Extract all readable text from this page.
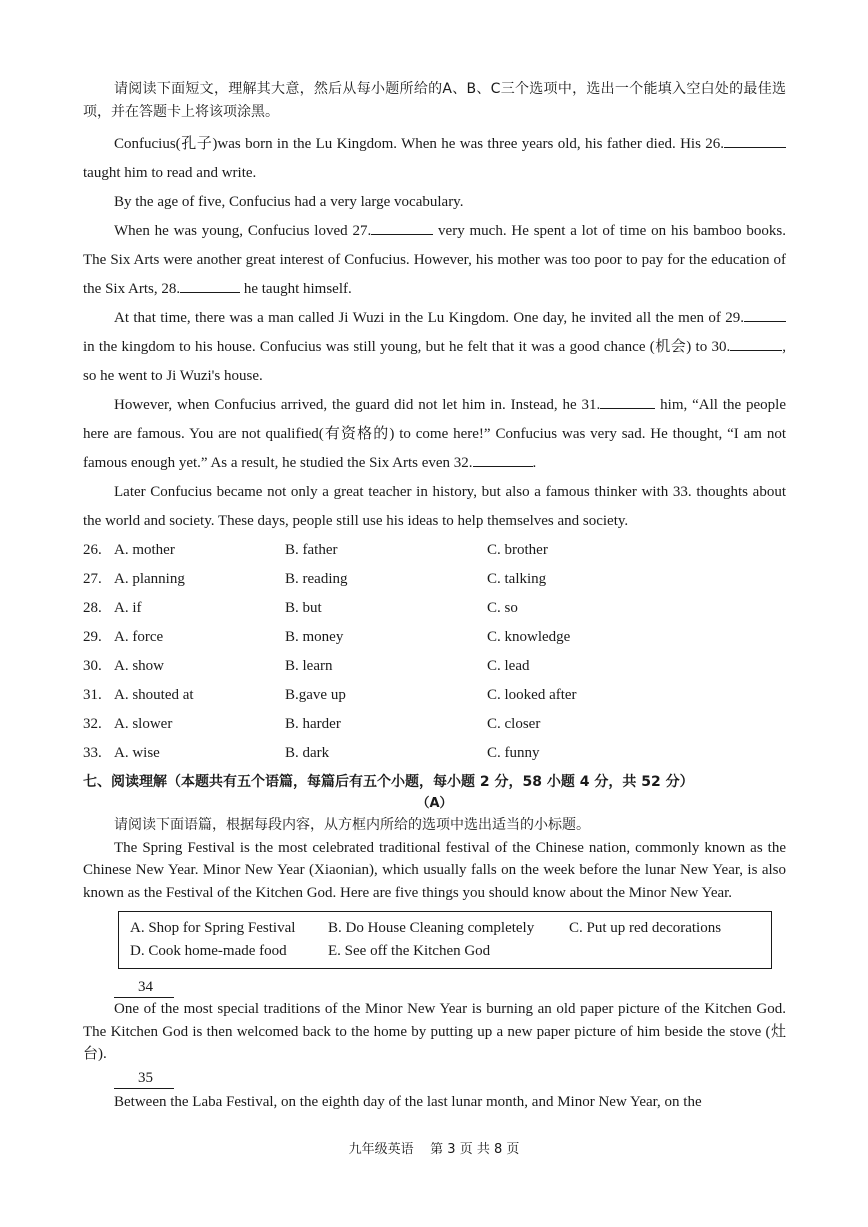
请阅读下面短文，理解其大意，然后从每小题所给的A、B、C三个选项中，选出一个能填入空白处的最佳选项，并在答题卡上将该项涂黑。

Confucius(孔子)was born in the Lu Kingdom. When he was three years old, his father died. His 26. taught him to read and write.

By the age of five, Confucius had a very large vocabulary.

When he was young, Confucius loved 27.	very much. He spent a lot of time on his bamboo books. The Six Arts were another great interest of Confucius. However, his mother was too poor to pay for the education of the Six Arts, 28.	he taught himself.

At that time, there was a man called Ji Wuzi in the Lu Kingdom. One day, he invited all the men of 29. in the kingdom to his house. Confucius was still young, but he felt that it was a good chance (机会) to 30.	, so he went to Ji Wuzi's house.

However, when Confucius arrived, the guard did not let him in. Instead, he 31.	him, “All the people here are famous. You are not qualified(有资格的) to come here!” Confucius was very sad. He thought, “I am not famous enough yet.” As a result, he studied the Six Arts even 32.	.

Later Confucius became not only a great teacher in history, but also a famous thinker with 33. thoughts about the world and society. These days, people still use his ideas to help themselves and society.

26. A. mother	B. father	C. brother
27. A. planning	B. reading	C. talking
28. A. if	B. but	C. so
29. A. force	B. money	C. knowledge
30. A. show	B. learn	C. lead
31. A. shouted at	B.gave up	C. looked after
32. A. slower	B. harder	C. closer
33. A. wise	B. dark	C. funny
七、阅读理解（本题共有五个语篇，每篇后有五个小题，每小题 2 分，58 小题 4 分，共 52 分）
（A）

请阅读下面语篇，根据每段内容，从方框内所给的选项中选出适当的小标题。

The Spring Festival is the most celebrated traditional festival of the Chinese nation, commonly known as the Chinese New Year. Minor New Year (Xiaonian), which usually falls on the week before the lunar New Year, is also known as the Festival of the Kitchen God. Here are five things you should know about the Minor New Year.

A. Shop for Spring Festival B. Do House Cleaning completely C. Put up red decorations
D. Cook home-made food	E. See off the Kitchen God
34

One of the most special traditions of the Minor New Year is burning an old paper picture of the Kitchen God. The Kitchen God is then welcomed back to the home by putting up a new paper picture of him beside the stove (灶台).

35

Between the Laba Festival, on the eighth day of the last lunar month, and Minor New Year, on the

九年级英语    第 3 页 共 8 页
